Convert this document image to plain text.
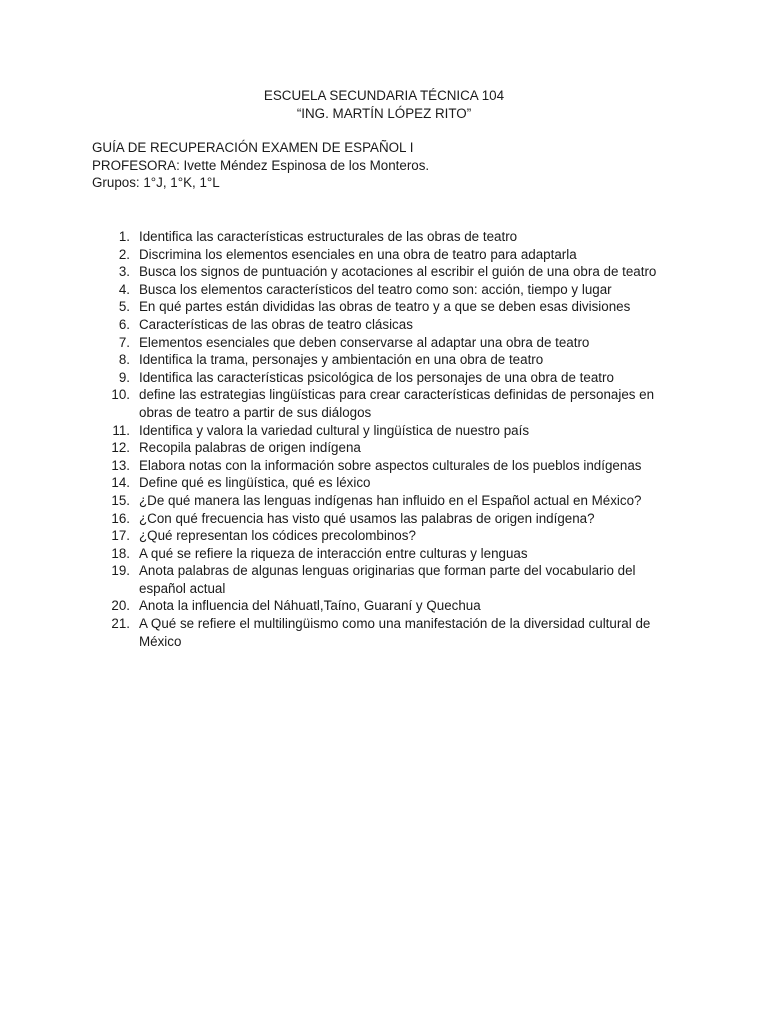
ESCUELA SECUNDARIA TÉCNICA 104
“ING. MARTÍN LÓPEZ RITO”
GUÍA DE RECUPERACIÓN EXAMEN DE ESPAÑOL I
PROFESORA: Ivette Méndez Espinosa de los Monteros.
Grupos: 1°J, 1°K, 1°L
1. Identifica las características estructurales de las obras de teatro
2. Discrimina los elementos esenciales en una obra de teatro para adaptarla
3. Busca los signos de puntuación y acotaciones al escribir el guión de una obra de teatro
4. Busca los elementos característicos del teatro como son: acción, tiempo y lugar
5. En qué partes están divididas las obras de teatro y a que se deben esas divisiones
6. Características de las obras de teatro clásicas
7. Elementos esenciales que deben conservarse al adaptar una obra de teatro
8. Identifica la trama, personajes y ambientación en una obra de teatro
9. Identifica las características psicológica de los personajes de una obra de teatro
10. define las estrategias lingüísticas para crear características definidas de personajes en obras de teatro a partir de sus diálogos
11. Identifica y valora la variedad cultural y lingüística de nuestro país
12. Recopila palabras de origen indígena
13. Elabora notas con la información sobre aspectos culturales de los pueblos indígenas
14. Define qué es lingüística, qué es léxico
15. ¿De qué manera las lenguas indígenas han influido en el Español actual en México?
16. ¿Con qué frecuencia has visto qué usamos las palabras de origen indígena?
17. ¿Qué representan los códices precolombinos?
18. A qué se refiere la riqueza de interacción entre culturas y lenguas
19. Anota palabras de algunas lenguas originarias que forman parte del vocabulario del español actual
20. Anota la influencia del Náhuatl,Taíno, Guaraní y Quechua
21. A Qué se refiere el multilingüismo como una manifestación de la diversidad cultural de México
